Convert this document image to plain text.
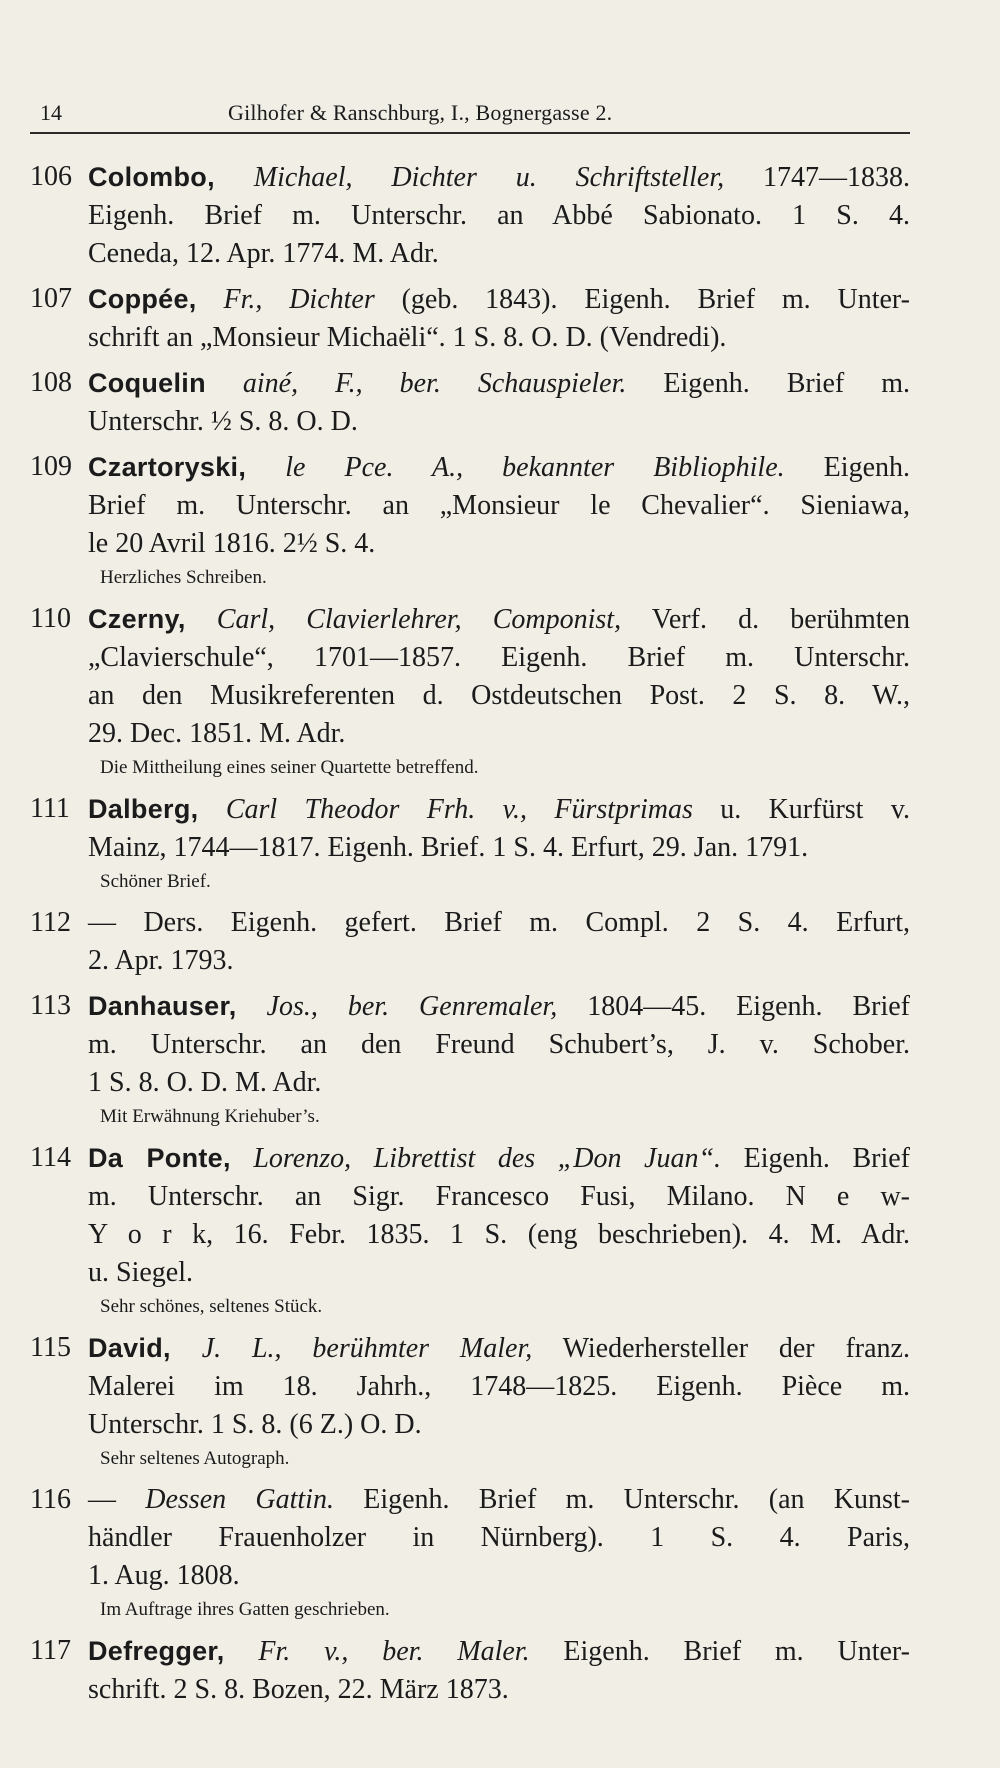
14	Gilhofer & Ranschburg, I., Bognergasse 2.
106 Colombo, Michael, Dichter u. Schriftsteller, 1747—1838.
Eigenh. Brief m. Unterschr. an Abbé Sabionato. 1 S. 4.
Ceneda, 12. Apr. 1774. M. Adr.
107 Coppée, Fr., Dichter (geb. 1843). Eigenh. Brief m. Unter-
schrift an „Monsieur Michaëli“. 1 S. 8. O. D. (Vendredi).
108 Coquelin ainé, F., ber. Schauspieler. Eigenh. Brief m.
Unterschr. ½ S. 8. O. D.
109 Czartoryski, le Pce. A., bekannter Bibliophile. Eigenh.
Brief m. Unterschr. an „Monsieur le Chevalier“. Sieniawa,
le 20 Avril 1816. 2½ S. 4.
Herzliches Schreiben.
110 Czerny, Carl, Clavierlehrer, Componist, Verf. d. berühmten
„Clavierschule“, 1701—1857. Eigenh. Brief m. Unterschr.
an den Musikreferenten d. Ostdeutschen Post. 2 S. 8. W.,
29. Dec. 1851. M. Adr.
Die Mittheilung eines seiner Quartette betreffend.
111 Dalberg, Carl Theodor Frh. v., Fürstprimas u. Kurfürst v.
Mainz, 1744—1817. Eigenh. Brief. 1 S. 4. Erfurt, 29. Jan. 1791.
Schöner Brief.
112 — Ders. Eigenh. gefert. Brief m. Compl. 2 S. 4. Erfurt,
2. Apr. 1793.
113 Danhauser, Jos., ber. Genremaler, 1804—45. Eigenh. Brief
m. Unterschr. an den Freund Schubert’s, J. v. Schober.
1 S. 8. O. D. M. Adr.
Mit Erwähnung Kriehuber’s.
114 Da Ponte, Lorenzo, Librettist des „Don Juan“. Eigenh. Brief
m. Unterschr. an Sigr. Francesco Fusi, Milano. N e w-
Y o r k, 16. Febr. 1835. 1 S. (eng beschrieben). 4. M. Adr.
u. Siegel.
Sehr schönes, seltenes Stück.
115 David, J. L., berühmter Maler, Wiederhersteller der franz.
Malerei im 18. Jahrh., 1748—1825. Eigenh. Pièce m.
Unterschr. 1 S. 8. (6 Z.) O. D.
Sehr seltenes Autograph.
116 — Dessen Gattin. Eigenh. Brief m. Unterschr. (an Kunst-
händler Frauenholzer in Nürnberg). 1 S. 4. Paris,
1. Aug. 1808.
Im Auftrage ihres Gatten geschrieben.
117 Defregger, Fr. v., ber. Maler. Eigenh. Brief m. Unter-
schrift. 2 S. 8. Bozen, 22. März 1873.
